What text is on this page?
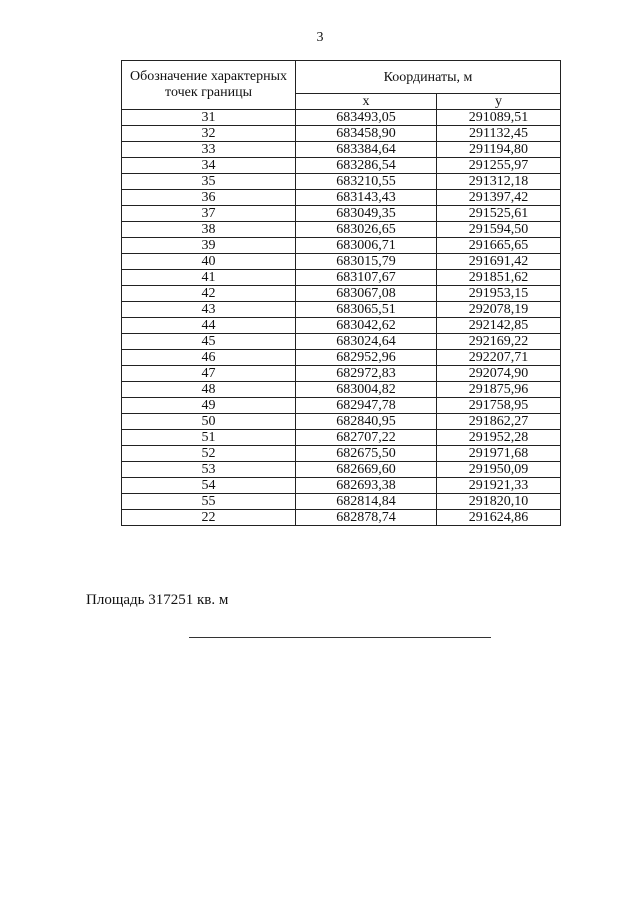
3
Обозначение характерных точек границы	Координаты, м	
	x	y
31	683493,05	291089,51
32	683458,90	291132,45
33	683384,64	291194,80
34	683286,54	291255,97
35	683210,55	291312,18
36	683143,43	291397,42
37	683049,35	291525,61
38	683026,65	291594,50
39	683006,71	291665,65
40	683015,79	291691,42
41	683107,67	291851,62
42	683067,08	291953,15
43	683065,51	292078,19
44	683042,62	292142,85
45	683024,64	292169,22
46	682952,96	292207,71
47	682972,83	292074,90
48	683004,82	291875,96
49	682947,78	291758,95
50	682840,95	291862,27
51	682707,22	291952,28
52	682675,50	291971,68
53	682669,60	291950,09
54	682693,38	291921,33
55	682814,84	291820,10
22	682878,74	291624,86
Площадь 317251 кв. м
